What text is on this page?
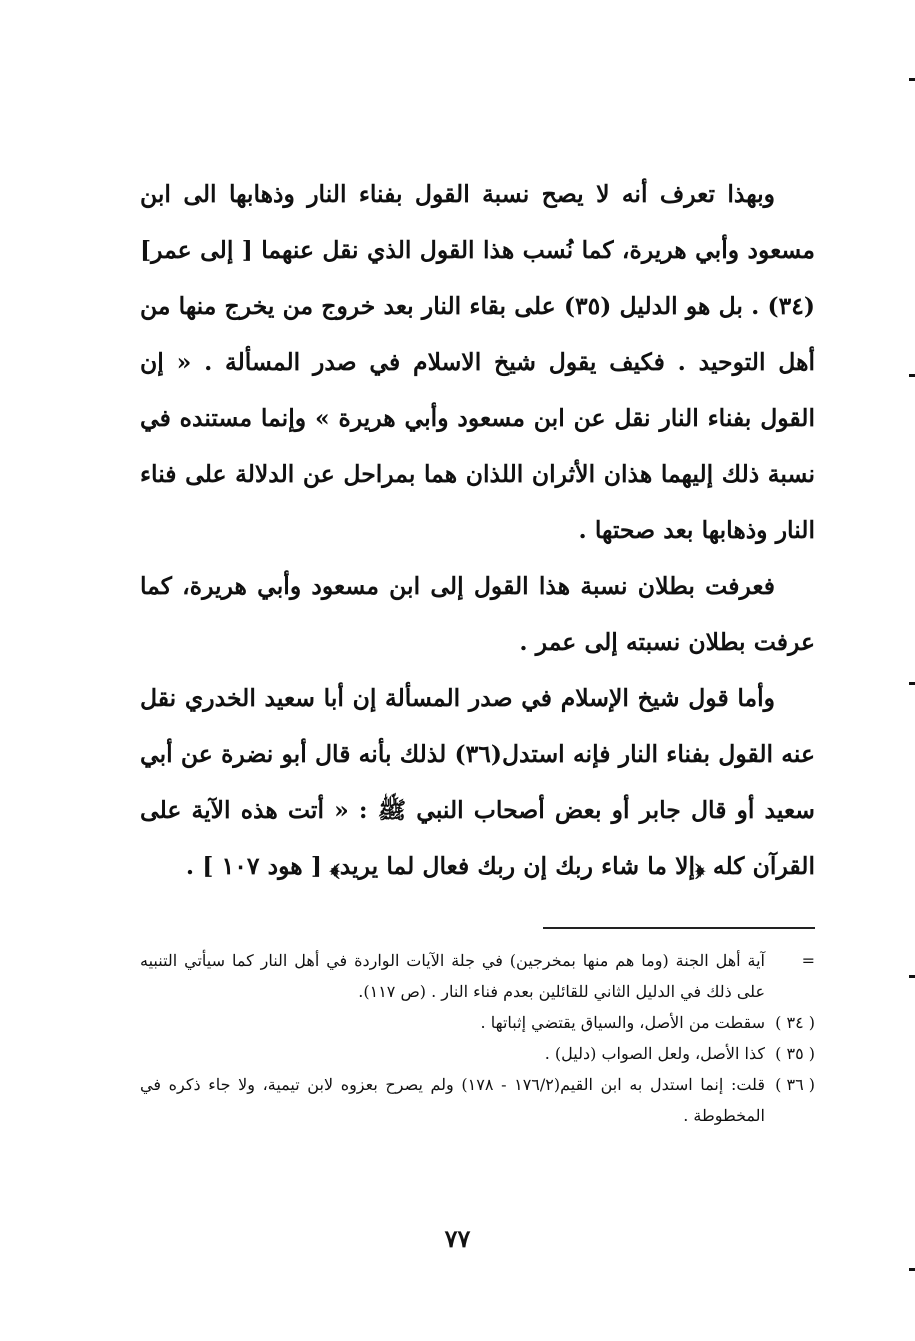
وبهذا تعرف أنه لا يصح نسبة القول بفناء النار وذهابها الى ابن مسعود وأبي هريرة، كما نُسب هذا القول الذي نقل عنهما [ إلى عمر](٣٤) . بل هو الدليل (٣٥) على بقاء النار بعد خروج من يخرج منها من أهل التوحيد . فكيف يقول شيخ الاسلام في صدر المسألة . « إن القول بفناء النار نقل عن ابن مسعود وأبي هريرة » وإنما مستنده في نسبة ذلك إليهما هذان الأثران اللذان هما بمراحل عن الدلالة على فناء النار وذهابها بعد صحتها .

فعرفت بطلان نسبة هذا القول إلى ابن مسعود وأبي هريرة، كما عرفت بطلان نسبته إلى عمر .

وأما قول شيخ الإسلام في صدر المسألة إن أبا سعيد الخدري نقل عنه القول بفناء النار فإنه استدل(٣٦) لذلك بأنه قال أبو نضرة عن أبي سعيد أو قال جابر أو بعض أصحاب النبي ﷺ : « أتت هذه الآية على القرآن كله ﴿إلا ما شاء ربك إن ربك فعال لما يريد﴾ [ هود ١٠٧ ] .

=
آية أهل الجنة (وما هم منها بمخرجين) في جلة الآيات الواردة في أهل النار كما سيأتي التنبيه على ذلك في الدليل الثاني للقائلين بعدم فناء النار . (ص ١١٧).
( ٣٤ )
سقطت من الأصل، والسياق يقتضي إثباتها .
( ٣٥ )
كذا الأصل، ولعل الصواب (دليل) .
( ٣٦ )
قلت: إنما استدل به ابن القيم(١٧٦/٢ - ١٧٨) ولم يصرح بعزوه لابن تيمية، ولا جاء ذكره في المخطوطة .
٧٧
